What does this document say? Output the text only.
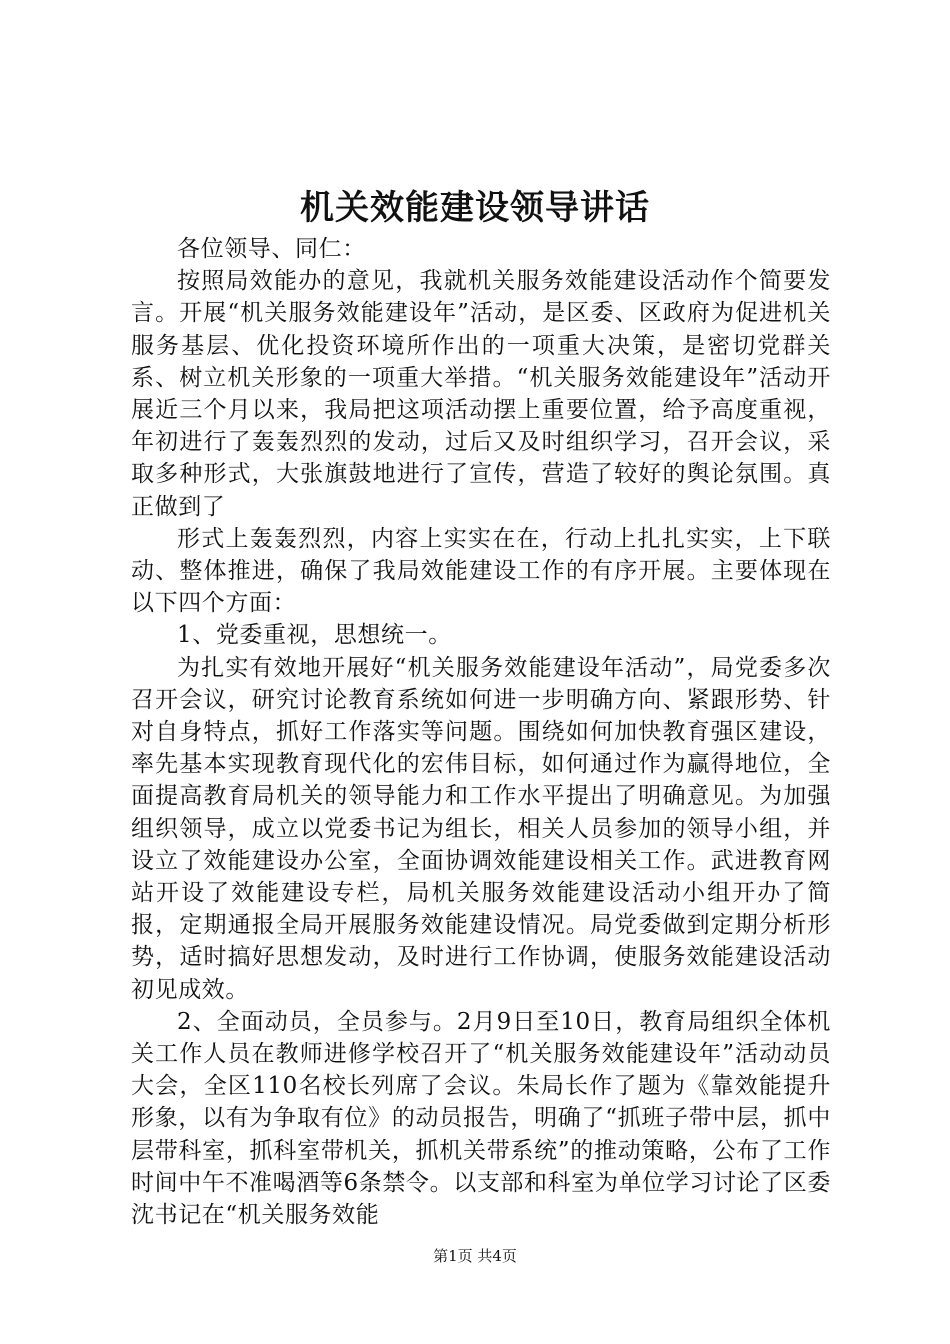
机关效能建设领导讲话

各位领导、同仁：

按照局效能办的意见，我就机关服务效能建设活动作个简要发言。开展“机关服务效能建设年”活动，是区委、区政府为促进机关服务基层、优化投资环境所作出的一项重大决策，是密切党群关系、树立机关形象的一项重大举措。“机关服务效能建设年”活动开展近三个月以来，我局把这项活动摆上重要位置，给予高度重视，年初进行了轰轰烈烈的发动，过后又及时组织学习，召开会议，采取多种形式，大张旗鼓地进行了宣传，营造了较好的舆论氛围。真正做到了

形式上轰轰烈烈，内容上实实在在，行动上扎扎实实，上下联动、整体推进，确保了我局效能建设工作的有序开展。主要体现在以下四个方面：

1、党委重视，思想统一。

为扎实有效地开展好“机关服务效能建设年活动”，局党委多次召开会议，研究讨论教育系统如何进一步明确方向、紧跟形势、针对自身特点，抓好工作落实等问题。围绕如何加快教育强区建设，率先基本实现教育现代化的宏伟目标，如何通过作为赢得地位，全面提高教育局机关的领导能力和工作水平提出了明确意见。为加强组织领导，成立以党委书记为组长，相关人员参加的领导小组，并设立了效能建设办公室，全面协调效能建设相关工作。武进教育网站开设了效能建设专栏，局机关服务效能建设活动小组开办了简报，定期通报全局开展服务效能建设情况。局党委做到定期分析形势，适时搞好思想发动，及时进行工作协调，使服务效能建设活动初见成效。

2、全面动员，全员参与。2月9日至10日，教育局组织全体机关工作人员在教师进修学校召开了“机关服务效能建设年”活动动员大会，全区110名校长列席了会议。朱局长作了题为《靠效能提升形象，以有为争取有位》的动员报告，明确了“抓班子带中层，抓中层带科室，抓科室带机关，抓机关带系统”的推动策略，公布了工作时间中午不准喝酒等6条禁令。以支部和科室为单位学习讨论了区委沈书记在“机关服务效能

第1页 共4页
